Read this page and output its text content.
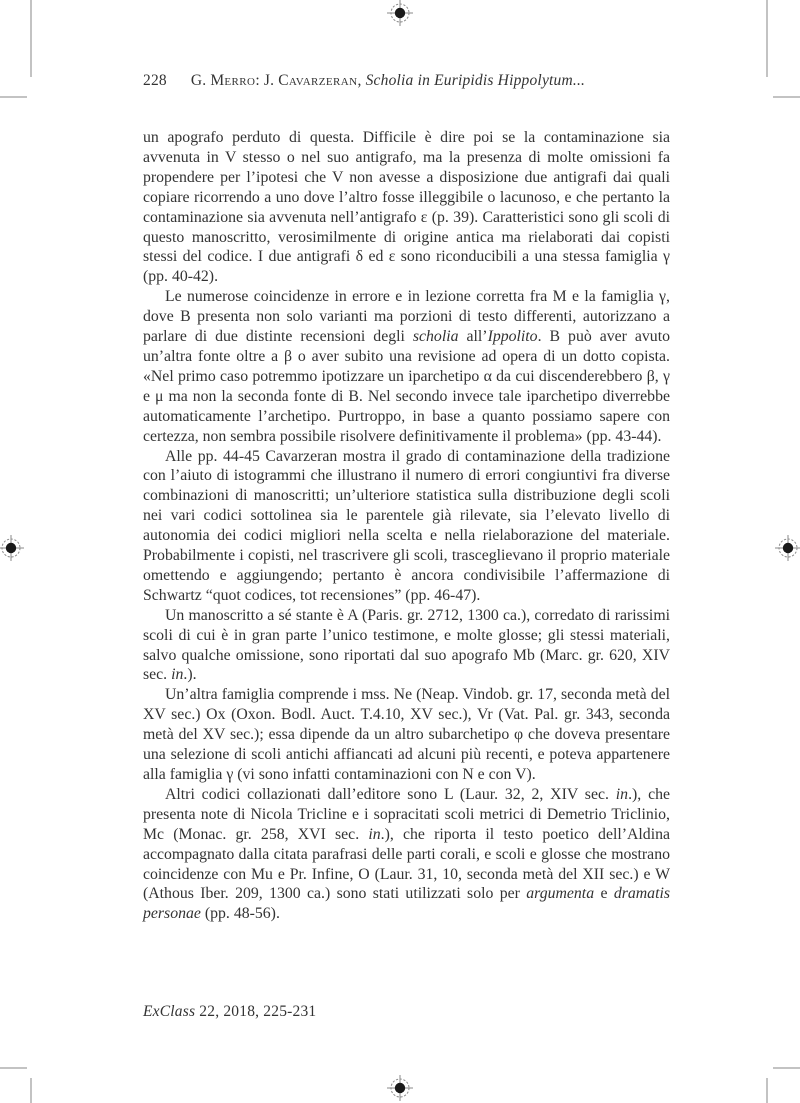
228 G. Merro: J. Cavarzeran, Scholia in Euripidis Hippolytum...

un apografo perduto di questa. Difficile è dire poi se la contaminazione sia avvenuta in V stesso o nel suo antigrafo, ma la presenza di molte omissioni fa propendere per l’ipotesi che V non avesse a disposizione due antigrafi dai quali copiare ricorrendo a uno dove l’altro fosse illeggibile o lacunoso, e che pertanto la contaminazione sia avvenuta nell’antigrafo ε (p. 39). Caratteristici sono gli scoli di questo manoscritto, verosimilmente di origine antica ma rielaborati dai copisti stessi del codice. I due antigrafi δ ed ε sono riconducibili a una stessa famiglia γ (pp. 40-42).

Le numerose coincidenze in errore e in lezione corretta fra M e la famiglia γ, dove B presenta non solo varianti ma porzioni di testo differenti, autorizzano a parlare di due distinte recensioni degli scholia all’Ippolito. B può aver avuto un’altra fonte oltre a β o aver subito una revisione ad opera di un dotto copista. «Nel primo caso potremmo ipotizzare un iparchetipo α da cui discenderebbero β, γ e μ ma non la seconda fonte di B. Nel secondo invece tale iparchetipo diverrebbe automaticamente l’archetipo. Purtroppo, in base a quanto possiamo sapere con certezza, non sembra possibile risolvere definitivamente il problema» (pp. 43-44).

Alle pp. 44-45 Cavarzeran mostra il grado di contaminazione della tradizione con l’aiuto di istogrammi che illustrano il numero di errori congiuntivi fra diverse combinazioni di manoscritti; un’ulteriore statistica sulla distribuzione degli scoli nei vari codici sottolinea sia le parentele già rilevate, sia l’elevato livello di autonomia dei codici migliori nella scelta e nella rielaborazione del materiale. Probabilmente i copisti, nel trascrivere gli scoli, trasceglievano il proprio materiale omettendo e aggiungendo; pertanto è ancora condivisibile l’affermazione di Schwartz “quot codices, tot recensiones” (pp. 46-47).

Un manoscritto a sé stante è A (Paris. gr. 2712, 1300 ca.), corredato di rarissimi scoli di cui è in gran parte l’unico testimone, e molte glosse; gli stessi materiali, salvo qualche omissione, sono riportati dal suo apografo Mb (Marc. gr. 620, XIV sec. in.).

Un’altra famiglia comprende i mss. Ne (Neap. Vindob. gr. 17, seconda metà del XV sec.) Ox (Oxon. Bodl. Auct. T.4.10, XV sec.), Vr (Vat. Pal. gr. 343, seconda metà del XV sec.); essa dipende da un altro subarchetipo φ che doveva presentare una selezione di scoli antichi affiancati ad alcuni più recenti, e poteva appartenere alla famiglia γ (vi sono infatti contaminazioni con N e con V).

Altri codici collazionati dall’editore sono L (Laur. 32, 2, XIV sec. in.), che presenta note di Nicola Tricline e i sopracitati scoli metrici di Demetrio Triclinio, Mc (Monac. gr. 258, XVI sec. in.), che riporta il testo poetico dell’Aldina accompagnato dalla citata parafrasi delle parti corali, e scoli e glosse che mostrano coincidenze con Mu e Pr. Infine, O (Laur. 31, 10, seconda metà del XII sec.) e W (Athous Iber. 209, 1300 ca.) sono stati utilizzati solo per argumenta e dramatis personae (pp. 48-56).

ExClass 22, 2018, 225-231
